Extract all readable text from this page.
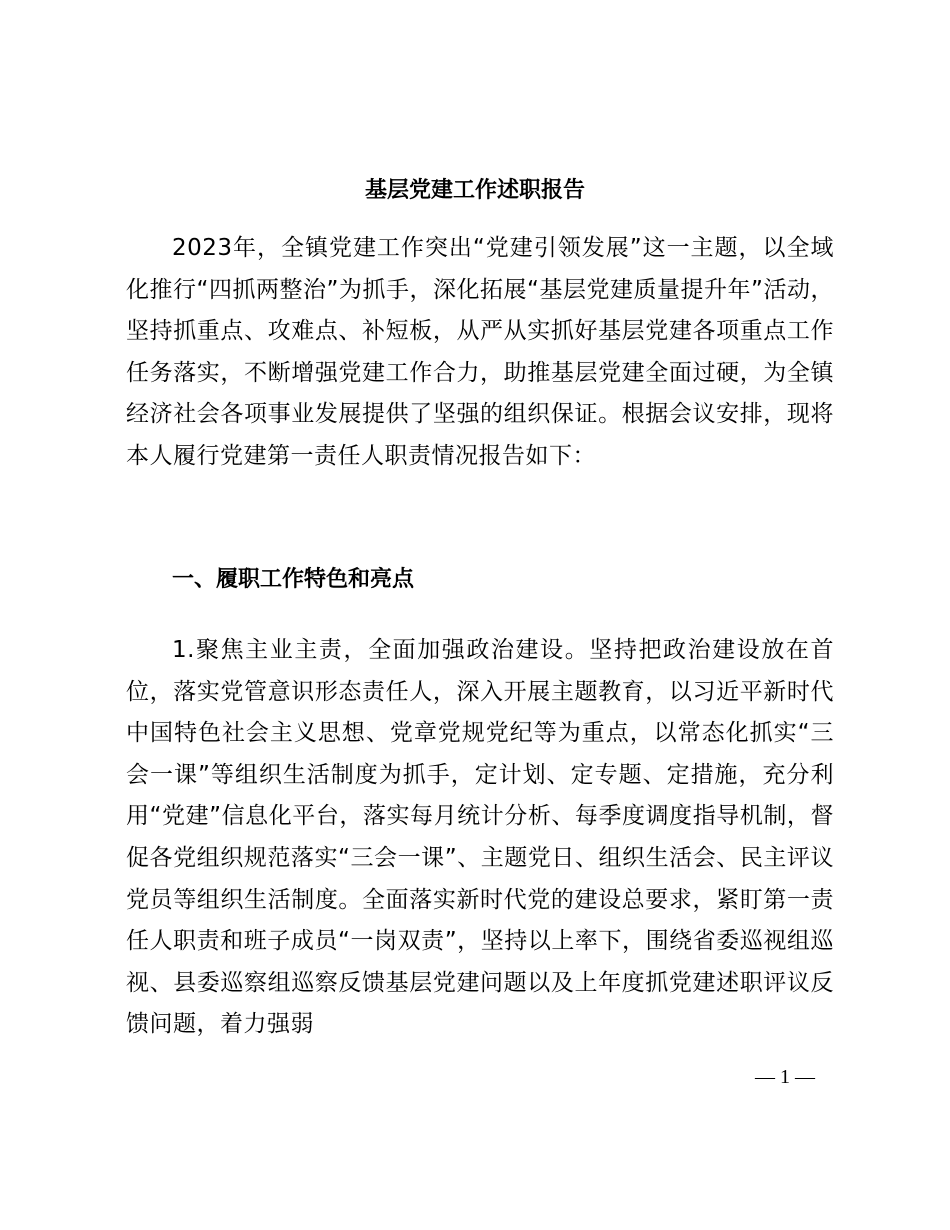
基层党建工作述职报告

2023年，全镇党建工作突出“党建引领发展”这一主题，以全域化推行“四抓两整治”为抓手，深化拓展“基层党建质量提升年”活动，坚持抓重点、攻难点、补短板，从严从实抓好基层党建各项重点工作任务落实，不断增强党建工作合力，助推基层党建全面过硬，为全镇经济社会各项事业发展提供了坚强的组织保证。根据会议安排，现将本人履行党建第一责任人职责情况报告如下：

一、履职工作特色和亮点

1.聚焦主业主责，全面加强政治建设。坚持把政治建设放在首位，落实党管意识形态责任人，深入开展主题教育，以习近平新时代中国特色社会主义思想、党章党规党纪等为重点，以常态化抓实“三会一课”等组织生活制度为抓手，定计划、定专题、定措施，充分利用“党建”信息化平台，落实每月统计分析、每季度调度指导机制，督促各党组织规范落实“三会一课”、主题党日、组织生活会、民主评议党员等组织生活制度。全面落实新时代党的建设总要求，紧盯第一责任人职责和班子成员“一岗双责”，坚持以上率下，围绕省委巡视组巡视、县委巡察组巡察反馈基层党建问题以及上年度抓党建述职评议反馈问题，着力强弱

— 1 —
